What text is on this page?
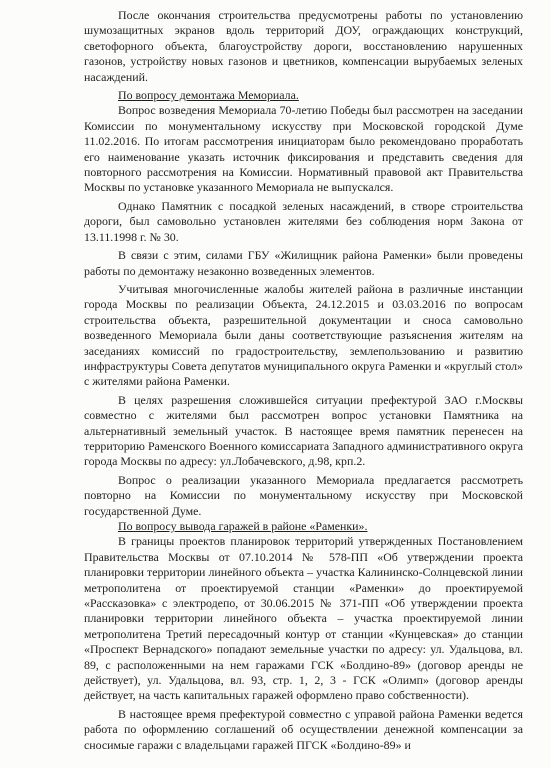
После окончания строительства предусмотрены работы по установлению шумозащитных экранов вдоль территорий ДОУ, ограждающих конструкций, светофорного объекта, благоустройству дороги, восстановлению нарушенных газонов, устройству новых газонов и цветников, компенсации вырубаемых зеленых насаждений.

По вопросу демонтажа Мемориала.

Вопрос возведения Мемориала 70-летию Победы был рассмотрен на заседании Комиссии по монументальному искусству при Московской городской Думе 11.02.2016. По итогам рассмотрения инициаторам было рекомендовано проработать его наименование указать источник фиксирования и представить сведения для повторного рассмотрения на Комиссии. Нормативный правовой акт Правительства Москвы по установке указанного Мемориала не выпускался.

Однако Памятник с посадкой зеленых насаждений, в створе строительства дороги, был самовольно установлен жителями без соблюдения норм Закона от 13.11.1998 г. № 30.

В связи с этим, силами ГБУ «Жилищник района Раменки» были проведены работы по демонтажу незаконно возведенных элементов.

Учитывая многочисленные жалобы жителей района в различные инстанции города Москвы по реализации Объекта, 24.12.2015 и 03.03.2016 по вопросам строительства объекта, разрешительной документации и сноса самовольно возведенного Мемориала были даны соответствующие разъяснения жителям на заседаниях комиссий по градостроительству, землепользованию и развитию инфраструктуры Совета депутатов муниципального округа Раменки и «круглый стол» с жителями района Раменки.

В целях разрешения сложившейся ситуации префектурой ЗАО г.Москвы совместно с жителями был рассмотрен вопрос установки Памятника на альтернативный земельный участок. В настоящее время памятник перенесен на территорию Раменского Военного комиссариата Западного административного округа города Москвы по адресу: ул.Лобачевского, д.98, крп.2.

Вопрос о реализации указанного Мемориала предлагается рассмотреть повторно на Комиссии по монументальному искусству при Московской государственной Думе.

По вопросу вывода гаражей в районе «Раменки».

В границы проектов планировок территорий утвержденных Постановлением Правительства Москвы от 07.10.2014 № 578-ПП «Об утверждении проекта планировки территории линейного объекта – участка Калининско-Солнцевской линии метрополитена от проектируемой станции «Раменки» до проектируемой «Рассказовка» с электродепо, от 30.06.2015 № 371-ПП «Об утверждении проекта планировки территории линейного объекта – участка проектируемой линии метрополитена Третий пересадочный контур от станции «Кунцевская» до станции «Проспект Вернадского» попадают земельные участки по адресу: ул. Удальцова, вл. 89, с расположенными на нем гаражами ГСК «Болдино-89» (договор аренды не действует), ул. Удальцова, вл. 93, стр. 1, 2, 3 - ГСК «Олимп» (договор аренды действует, на часть капитальных гаражей оформлено право собственности).

В настоящее время префектурой совместно с управой района Раменки ведется работа по оформлению соглашений об осуществлении денежной компенсации за сносимые гаражи с владельцами гаражей ПГСК «Болдино-89» и
